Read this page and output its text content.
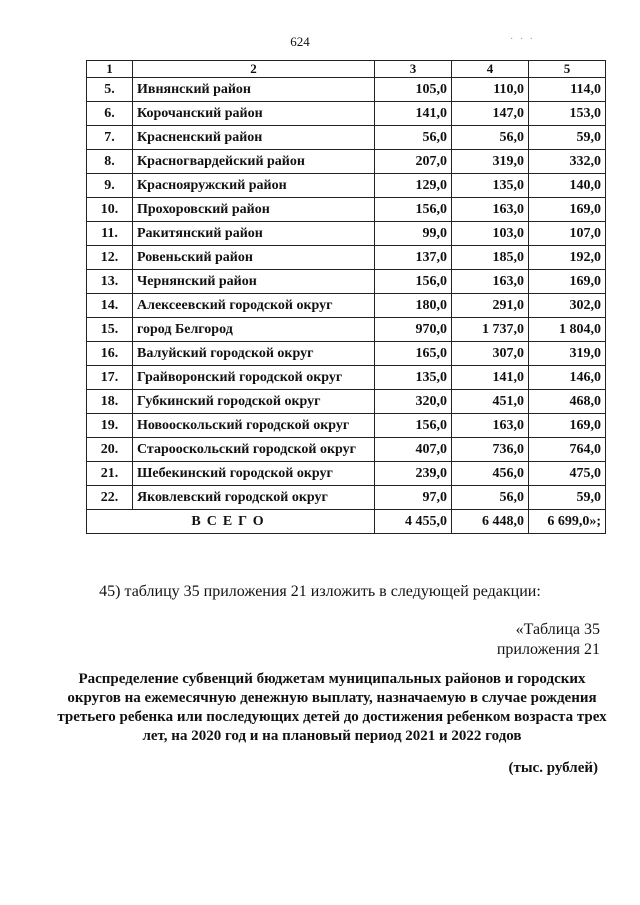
624	· · ·
1	2	3	4	5
5.	Ивнянский район	105,0	110,0	114,0
6.	Корочанский район	141,0	147,0	153,0
7.	Красненский район	56,0	56,0	59,0
8.	Красногвардейский район	207,0	319,0	332,0
9.	Краснояружский район	129,0	135,0	140,0
10.	Прохоровский район	156,0	163,0	169,0
11.	Ракитянский район	99,0	103,0	107,0
12.	Ровеньский район	137,0	185,0	192,0
13.	Чернянский район	156,0	163,0	169,0
14.	Алексеевский городской округ	180,0	291,0	302,0
15.	город Белгород	970,0	1 737,0	1 804,0
16.	Валуйский городской округ	165,0	307,0	319,0
17.	Грайворонский городской округ	135,0	141,0	146,0
18.	Губкинский городской округ	320,0	451,0	468,0
19.	Новооскольский городской округ	156,0	163,0	169,0
20.	Старооскольский городской округ	407,0	736,0	764,0
21.	Шебекинский городской округ	239,0	456,0	475,0
22.	Яковлевский городской округ	97,0	56,0	59,0
ВСЕГО		4 455,0	6 448,0	6 699,0»;
45) таблицу 35 приложения 21 изложить в следующей редакции:
«Таблица 35
приложения 21
Распределение субвенций бюджетам муниципальных районов и городских округов на ежемесячную денежную выплату, назначаемую в случае рождения третьего ребенка или последующих детей до достижения ребенком возраста трех лет, на 2020 год и на плановый период 2021 и 2022 годов
(тыс. рублей)
